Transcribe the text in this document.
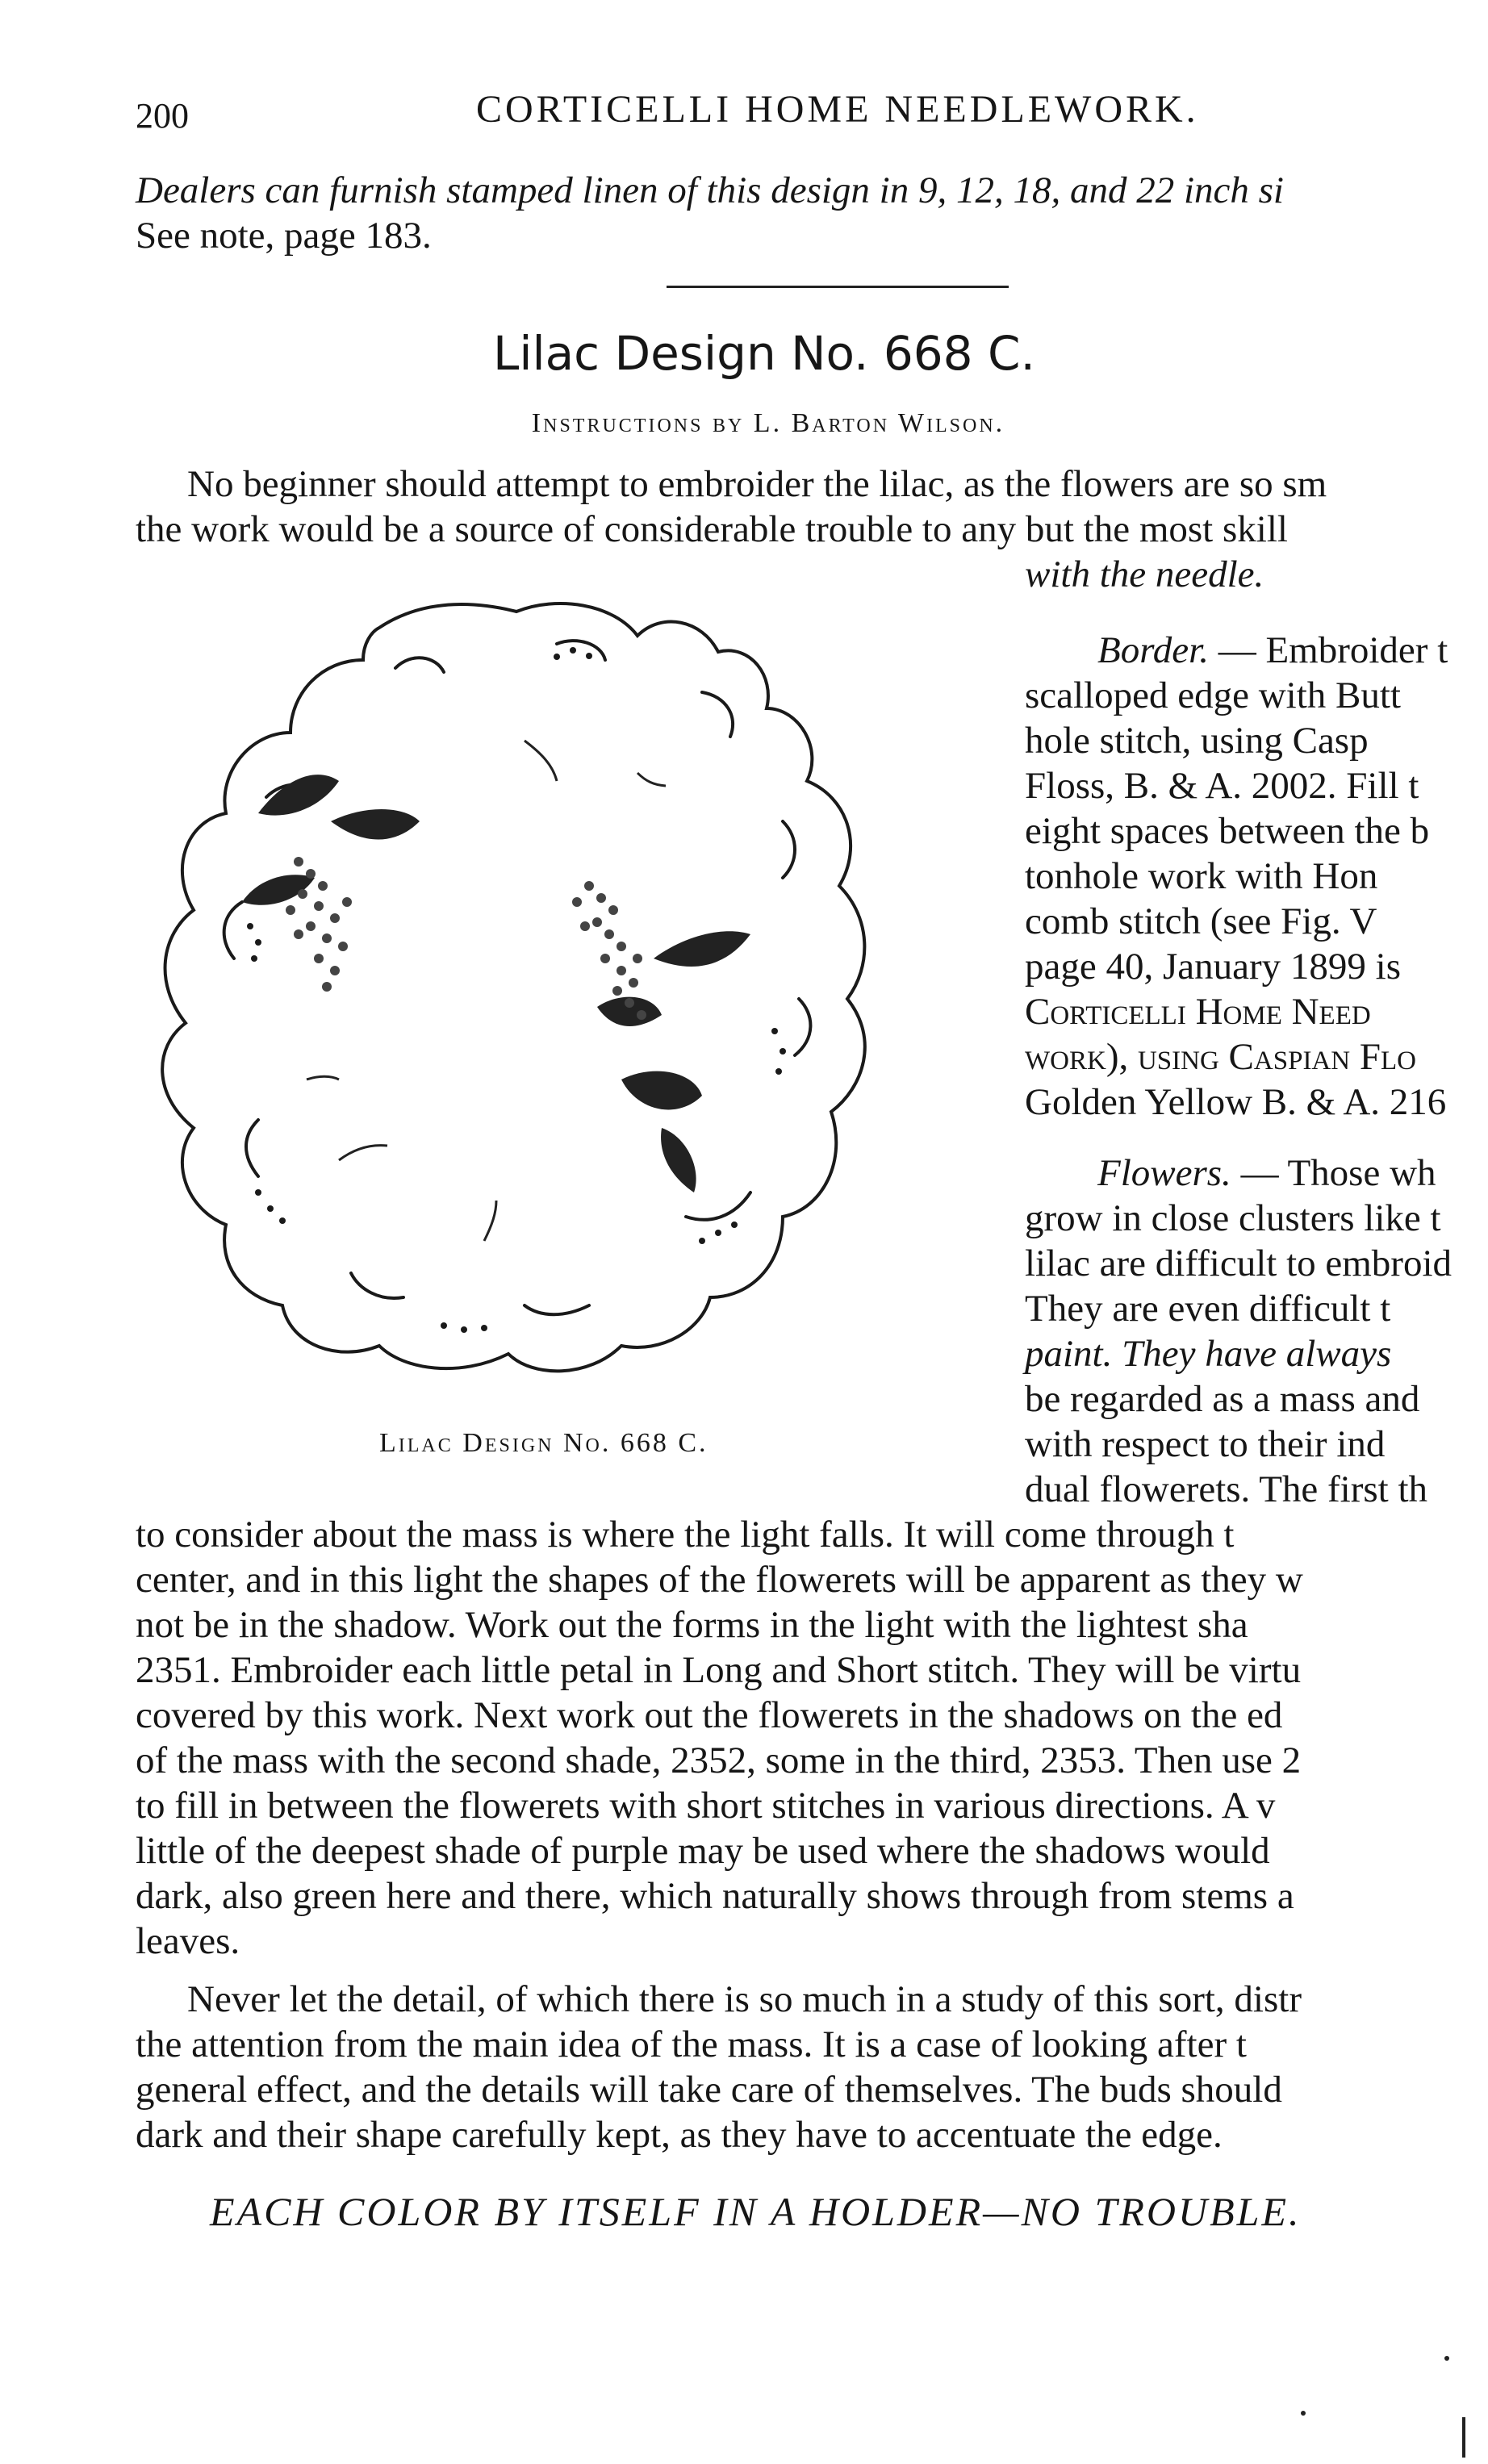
200	CORTICELLI HOME NEEDLEWORK.
Dealers can furnish stamped linen of this design in 9, 12, 18, and 22 inch si
See note, page 183.
Lilac Design No. 668 C.
Instructions by L. Barton Wilson.
No beginner should attempt to embroider the lilac, as the flowers are so sm
the work would be a source of considerable trouble to any but the most skill
with the needle.
Lilac Design No. 668 C.
Border. — Embroider t
scalloped edge with Butt
hole stitch, using Casp
Floss, B. & A. 2002. Fill t
eight spaces between the b
tonhole work with Hon
comb stitch (see Fig. V
page 40, January 1899 is
Corticelli Home Need
work), using Caspian Flo
Golden Yellow B. & A. 216
Flowers. — Those wh
grow in close clusters like t
lilac are difficult to embroid
They are even difficult t
paint. They have always
be regarded as a mass and
with respect to their ind
dual flowerets. The first th
to consider about the mass is where the light falls. It will come through t
center, and in this light the shapes of the flowerets will be apparent as they w
not be in the shadow. Work out the forms in the light with the lightest sha
2351. Embroider each little petal in Long and Short stitch. They will be virtu
covered by this work. Next work out the flowerets in the shadows on the ed
of the mass with the second shade, 2352, some in the third, 2353. Then use 2
to fill in between the flowerets with short stitches in various directions. A v
little of the deepest shade of purple may be used where the shadows would
dark, also green here and there, which naturally shows through from stems a
leaves.
Never let the detail, of which there is so much in a study of this sort, distr
the attention from the main idea of the mass. It is a case of looking after t
general effect, and the details will take care of themselves. The buds should
dark and their shape carefully kept, as they have to accentuate the edge.
EACH COLOR BY ITSELF IN A HOLDER—NO TROUBLE.
